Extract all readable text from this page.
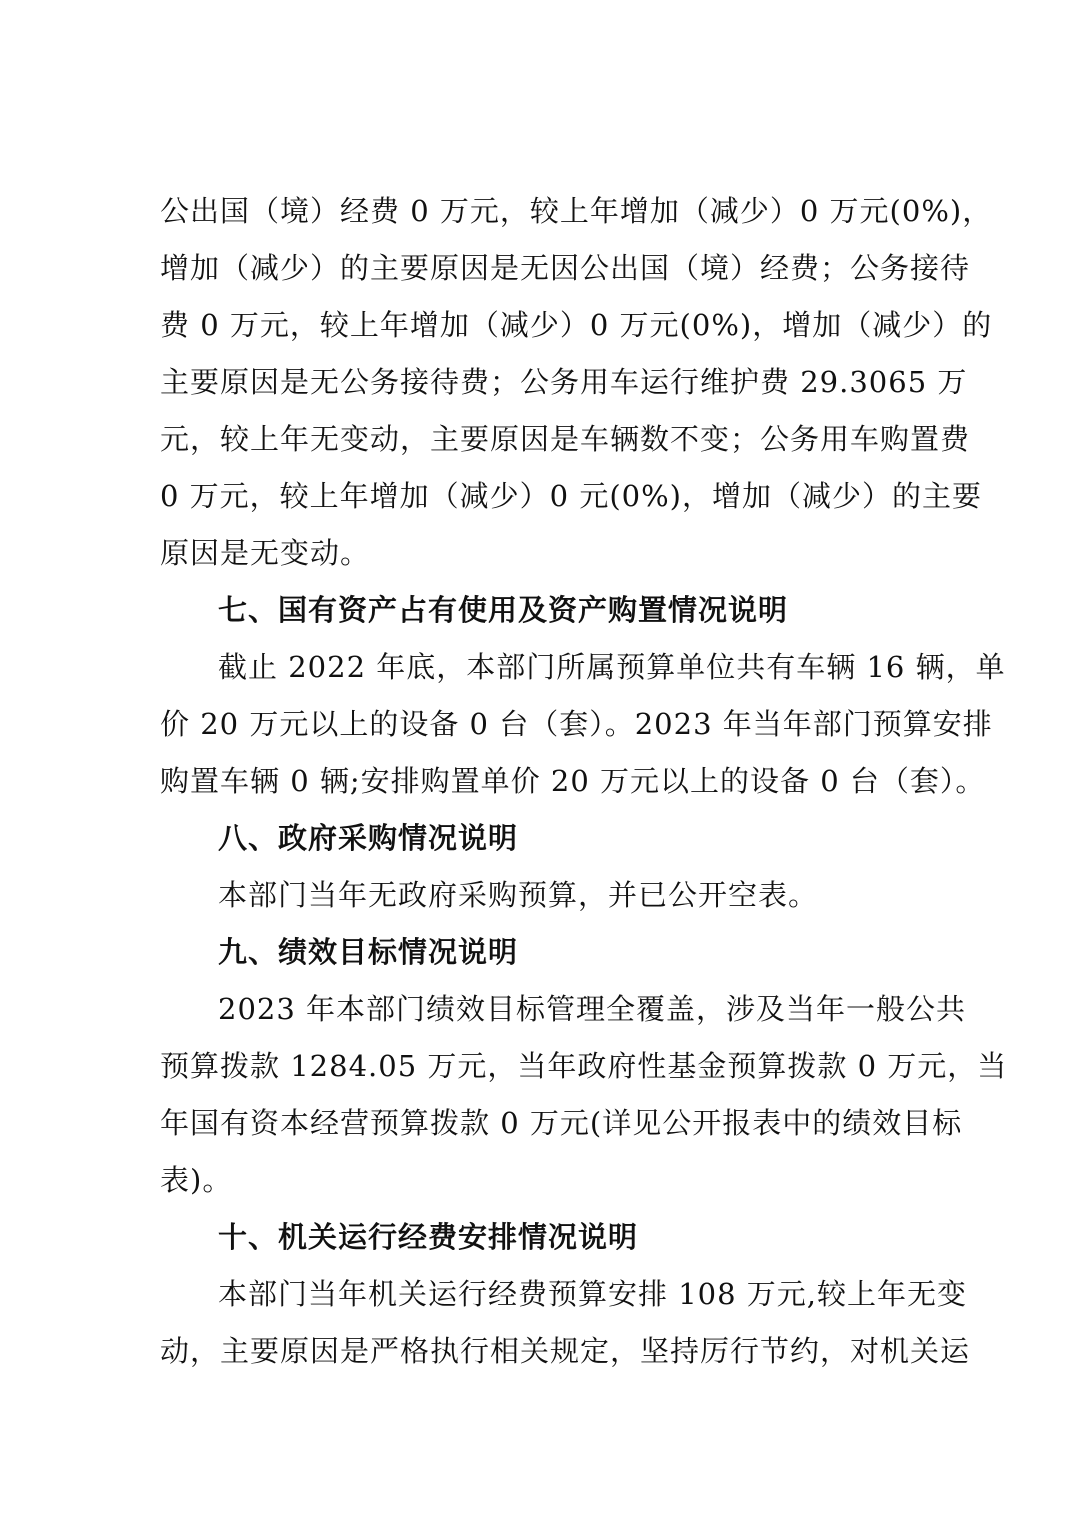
公出国（境）经费 0 万元，较上年增加（减少）0 万元(0%)，
增加（减少）的主要原因是无因公出国（境）经费；公务接待
费 0 万元，较上年增加（减少）0 万元(0%)，增加（减少）的
主要原因是无公务接待费；公务用车运行维护费 29.3065 万
元，较上年无变动，主要原因是车辆数不变；公务用车购置费
0 万元，较上年增加（减少）0 元(0%)，增加（减少）的主要
原因是无变动。
七、国有资产占有使用及资产购置情况说明
截止 2022 年底，本部门所属预算单位共有车辆 16 辆，单
价 20 万元以上的设备 0 台（套）。2023 年当年部门预算安排
购置车辆 0 辆;安排购置单价 20 万元以上的设备 0 台（套）。
八、政府采购情况说明
本部门当年无政府采购预算，并已公开空表。
九、绩效目标情况说明
2023 年本部门绩效目标管理全覆盖，涉及当年一般公共
预算拨款 1284.05 万元，当年政府性基金预算拨款 0 万元，当
年国有资本经营预算拨款 0 万元(详见公开报表中的绩效目标
表)。
十、机关运行经费安排情况说明
本部门当年机关运行经费预算安排 108 万元,较上年无变
动，主要原因是严格执行相关规定，坚持厉行节约，对机关运
